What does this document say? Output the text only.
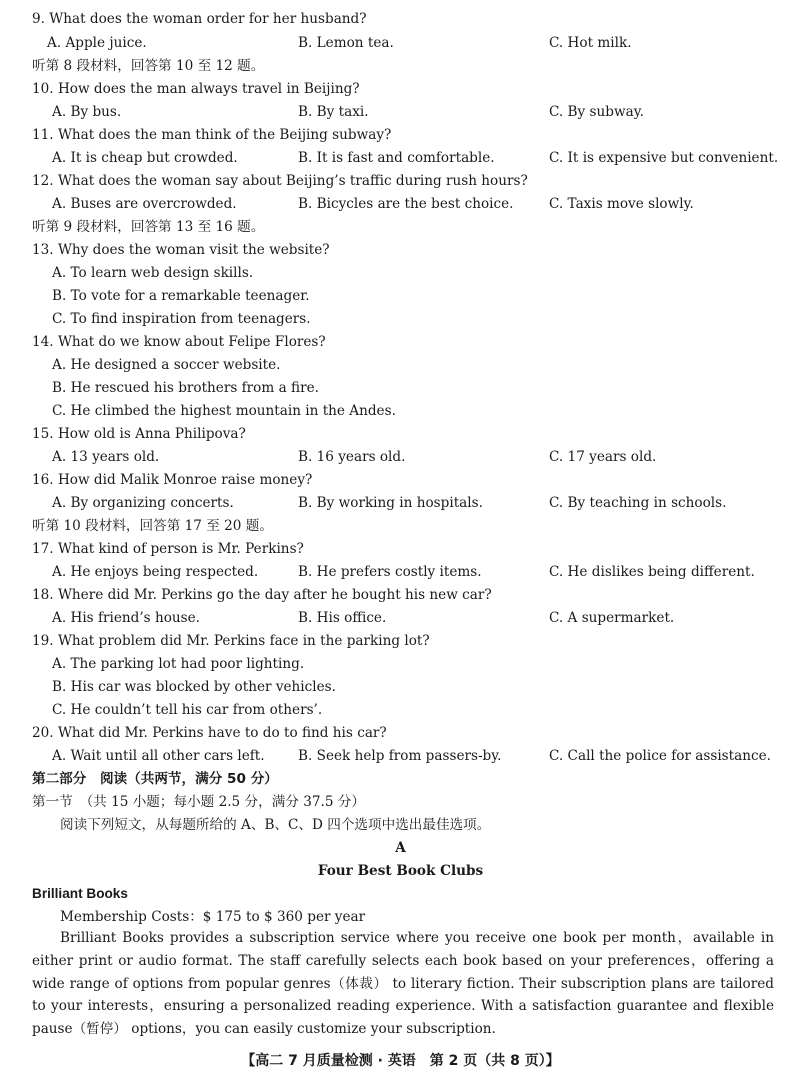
9. What does the woman order for her husband?
A. Apple juice.	B. Lemon tea.	C. Hot milk.
听第 8 段材料，回答第 10 至 12 题。
10. How does the man always travel in Beijing?
A. By bus.	B. By taxi.	C. By subway.
11. What does the man think of the Beijing subway?
A. It is cheap but crowded.	B. It is fast and comfortable.	C. It is expensive but convenient.
12. What does the woman say about Beijing’s traffic during rush hours?
A. Buses are overcrowded.	B. Bicycles are the best choice.	C. Taxis move slowly.
听第 9 段材料，回答第 13 至 16 题。
13. Why does the woman visit the website?
A. To learn web design skills.
B. To vote for a remarkable teenager.
C. To find inspiration from teenagers.
14. What do we know about Felipe Flores?
A. He designed a soccer website.
B. He rescued his brothers from a fire.
C. He climbed the highest mountain in the Andes.
15. How old is Anna Philipova?
A. 13 years old.	B. 16 years old.	C. 17 years old.
16. How did Malik Monroe raise money?
A. By organizing concerts.	B. By working in hospitals.	C. By teaching in schools.
听第 10 段材料，回答第 17 至 20 题。
17. What kind of person is Mr. Perkins?
A. He enjoys being respected.	B. He prefers costly items.	C. He dislikes being different.
18. Where did Mr. Perkins go the day after he bought his new car?
A. His friend’s house.	B. His office.	C. A supermarket.
19. What problem did Mr. Perkins face in the parking lot?
A. The parking lot had poor lighting.
B. His car was blocked by other vehicles.
C. He couldn’t tell his car from others’.
20. What did Mr. Perkins have to do to find his car?
A. Wait until all other cars left. B. Seek help from passers-by.	C. Call the police for assistance.
第二部分　阅读（共两节，满分 50 分）
第一节　（共 15 小题；每小题 2.5 分，满分 37.5 分）
阅读下列短文，从每题所给的 A、B、C、D 四个选项中选出最佳选项。
A
Four Best Book Clubs
Brilliant Books
Membership Costs：$ 175 to $ 360 per year
Brilliant Books provides a subscription service where you receive one book per month，available in either print or audio format. The staff carefully selects each book based on your preferences，offering a wide range of options from popular genres（体裁） to literary fiction. Their subscription plans are tailored to your interests，ensuring a personalized reading experience. With a satisfaction guarantee and flexible pause（暂停） options，you can easily customize your subscription.
【高二 7 月质量检测 · 英语　第 2 页（共 8 页）】
